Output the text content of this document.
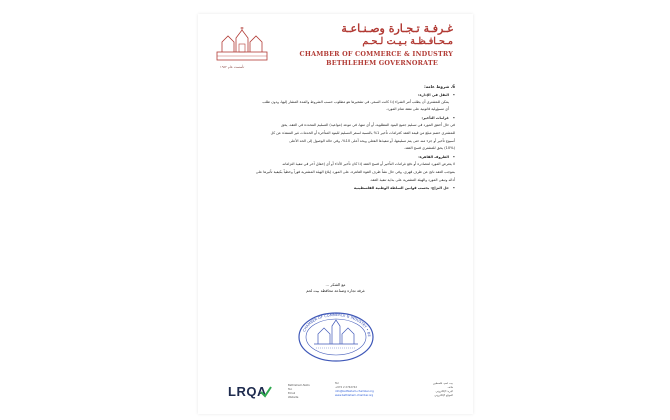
تأسست عام ١٩٥٢
غـرفـة تـجـارة وصـنـاعـة
مـحـافـظـة بـيـت لـحـم
CHAMBER OF COMMERCE & INDUSTRY
BETHLEHEM GOVERNORATE
6. شروط عامة:
• النقل في الإدارة:
يمكن للمشتري أن يطلب أمر الشراء إذا كانت السعر، في تشغيرها هو مطلوب حسب الشروط والمدة المشار إليها، ودون طلب
أي مسؤولية قانونية على نفقة تمام المورد.
• غرامات التأخير:
في حال أخفق المورد في تسليم جميع البنود المطلوبة، أو أي منها، في موعد (مواعيد) التسليم المحددة في العقد، يحق
للمشتري خصم مبلغ من قيمة العقد كغرامات تأخير 1% بالنسبة لسعر التسليم للبنود المتأخرة أو الخدمات غير المنفذة عن كل
أسبوع تأخير أو جزء منه حتى يتم تسليمها، أو تنفيذها الفعلي وبحد أعلى 10%، وفي حالة الوصول إلى الحد الأعلى
(10%) يحق للمشتري فسخ العقد.
• الظروف القاهرة:
لا يتعرض المورد لمصادرة أو دفع غرامات التأخير أو فسخ العقد إذا كان تأخير الأداء أو أي إخفاق آخر في تنفيذ التزاماته
بموجب العقد ناتج عن ظرف قهري، وفي حال نشأ ظرف القوة القاهرة، على المورد إبلاغ الهيئة المشترية فوراً وخطياً بكيفية تأثيرها على
أدائه وتبقى المورد والهيئة المشترية على بداية تنفيذ العقد.
• حل النزاع: بحسب قوانين السلطة الوطنية الفلسطينية
مع الشكر ...
غرفة تجارة وصناعة محافظة بيت لحم
CHAMBER OF COMMERCE & INDUSTRY • BE
LRQA	Bethlehem-Nativ
Tel.
Email
Website
Tel
+972 2 2742742
info@bethlehem-chamber.org
www.bethlehem-chamber.org
بيت لحم، فلسطين
هاتف
البريد الإلكتروني
الموقع الإلكتروني
